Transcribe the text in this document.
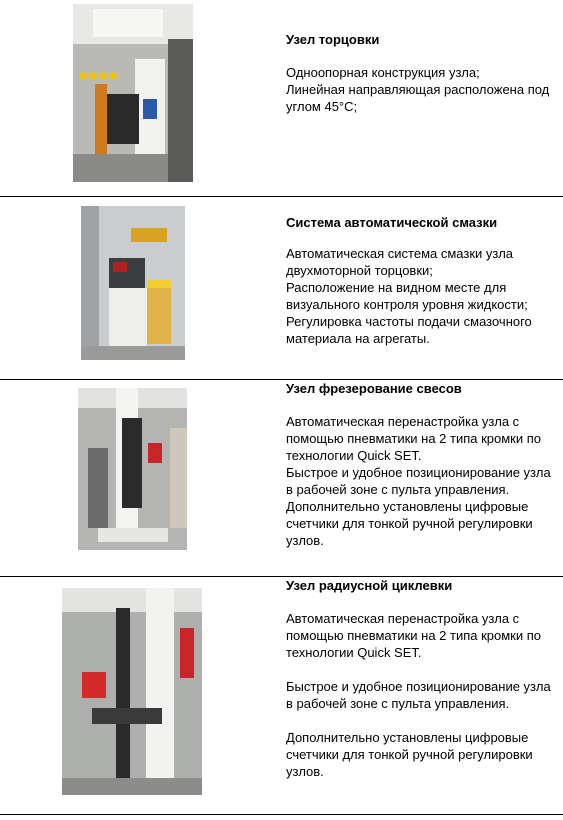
Узел торцовки
Одноопорная конструкция узла;
Линейная направляющая расположена под углом 45°С;
Система автоматической смазки
Автоматическая система смазки узла двухмоторной торцовки;
Расположение на видном месте для визуального контроля уровня жидкости;
Регулировка частоты подачи смазочного материала на агрегаты.
Узел фрезерование свесов
Автоматическая перенастройка узла с помощью пневматики на 2 типа кромки по технологии Quick SET.
Быстрое и удобное позиционирование узла в рабочей зоне с пульта управления.
Дополнительно установлены цифровые счетчики для тонкой ручной регулировки узлов.
Узел радиусной циклевки
Автоматическая перенастройка узла с помощью пневматики на 2 типа кромки по технологии Quick SET.

Быстрое и удобное позиционирование узла в рабочей зоне с пульта управления.

Дополнительно установлены цифровые счетчики для тонкой ручной регулировки узлов.
